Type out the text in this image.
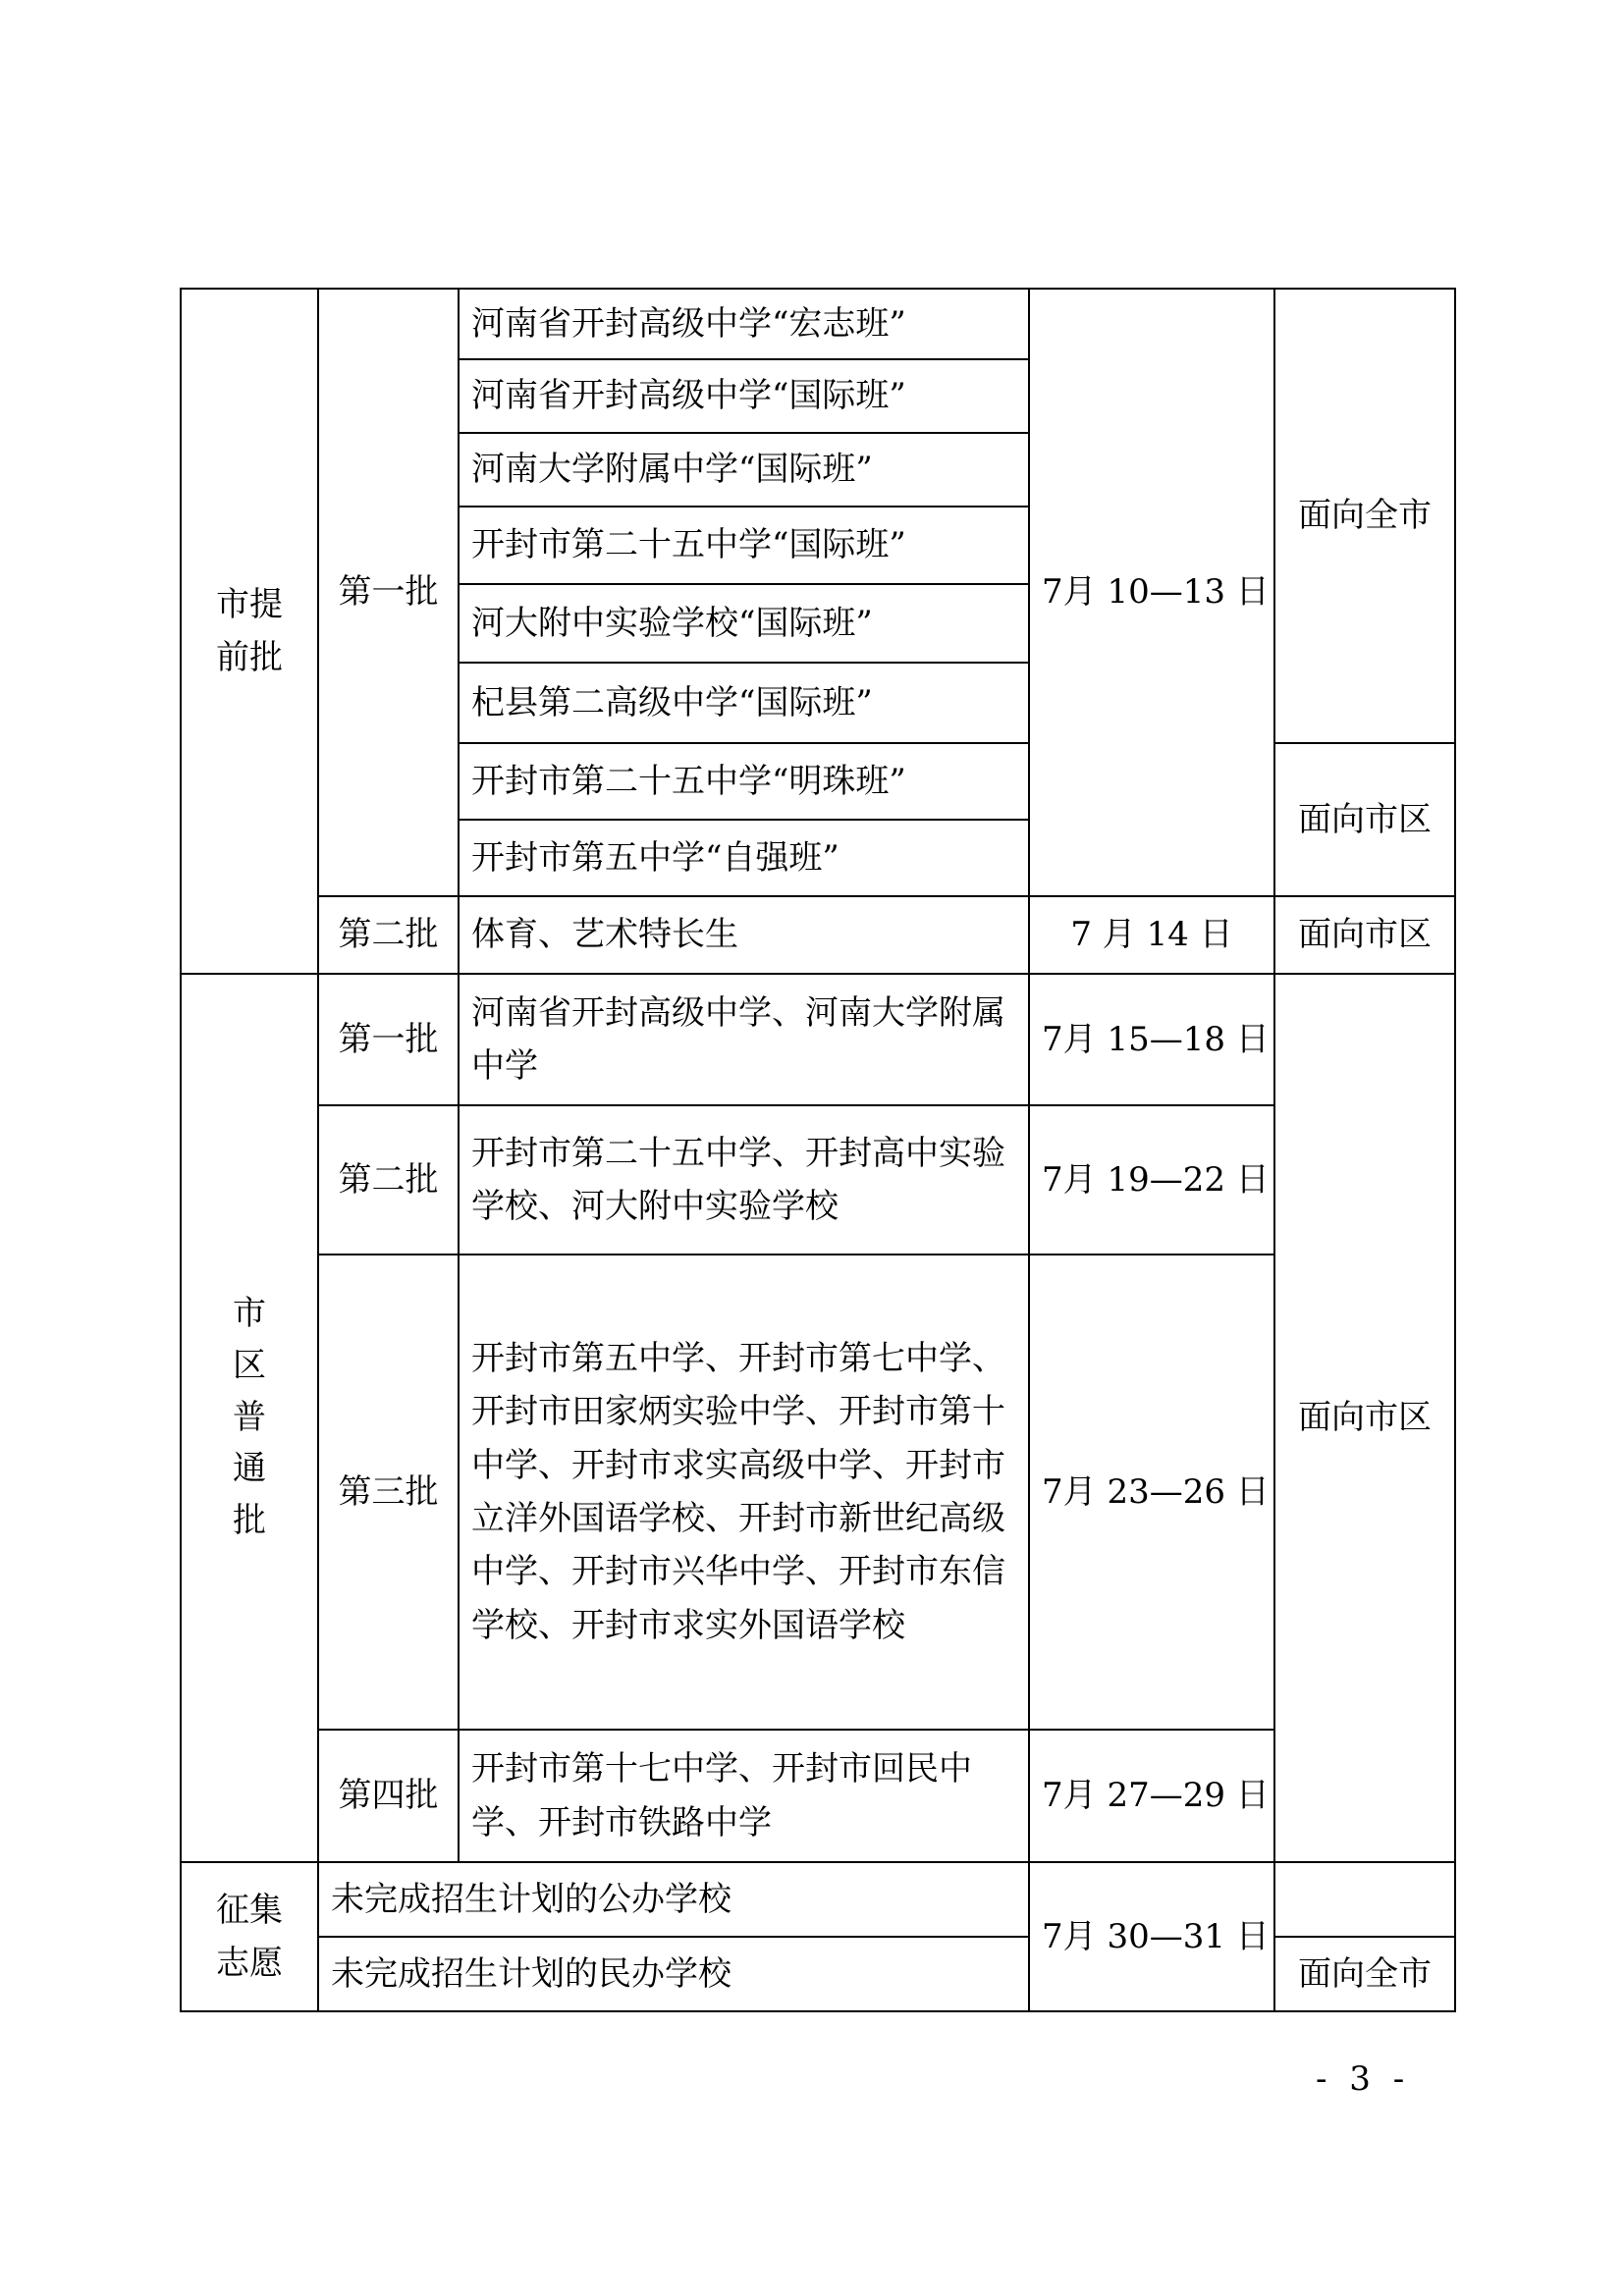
市提前批	第一批	河南省开封高级中学“宏志班”	7月 10—13 日	面向全市
		河南省开封高级中学“国际班”		
		河南大学附属中学“国际班”		
		开封市第二十五中学“国际班”		
		河大附中实验学校“国际班”		
		杞县第二高级中学“国际班”		
		开封市第二十五中学“明珠班”		面向市区
		开封市第五中学“自强班”		
	第二批	体育、艺术特长生	7 月 14 日	面向市区
市区普通批	第一批	河南省开封高级中学、河南大学附属中学	7月 15—18 日	面向市区
	第二批	开封市第二十五中学、开封高中实验学校、河大附中实验学校	7月 19—22 日	
	第三批	开封市第五中学、开封市第七中学、开封市田家炳实验中学、开封市第十中学、开封市求实高级中学、开封市立洋外国语学校、开封市新世纪高级中学、开封市兴华中学、开封市东信学校、开封市求实外国语学校	7月 23—26 日	
	第四批	开封市第十七中学、开封市回民中学、开封市铁路中学	7月 27—29 日	
征集志愿	未完成招生计划的公办学校		7月 30—31 日	
	未完成招生计划的民办学校			面向全市
- 3 -
